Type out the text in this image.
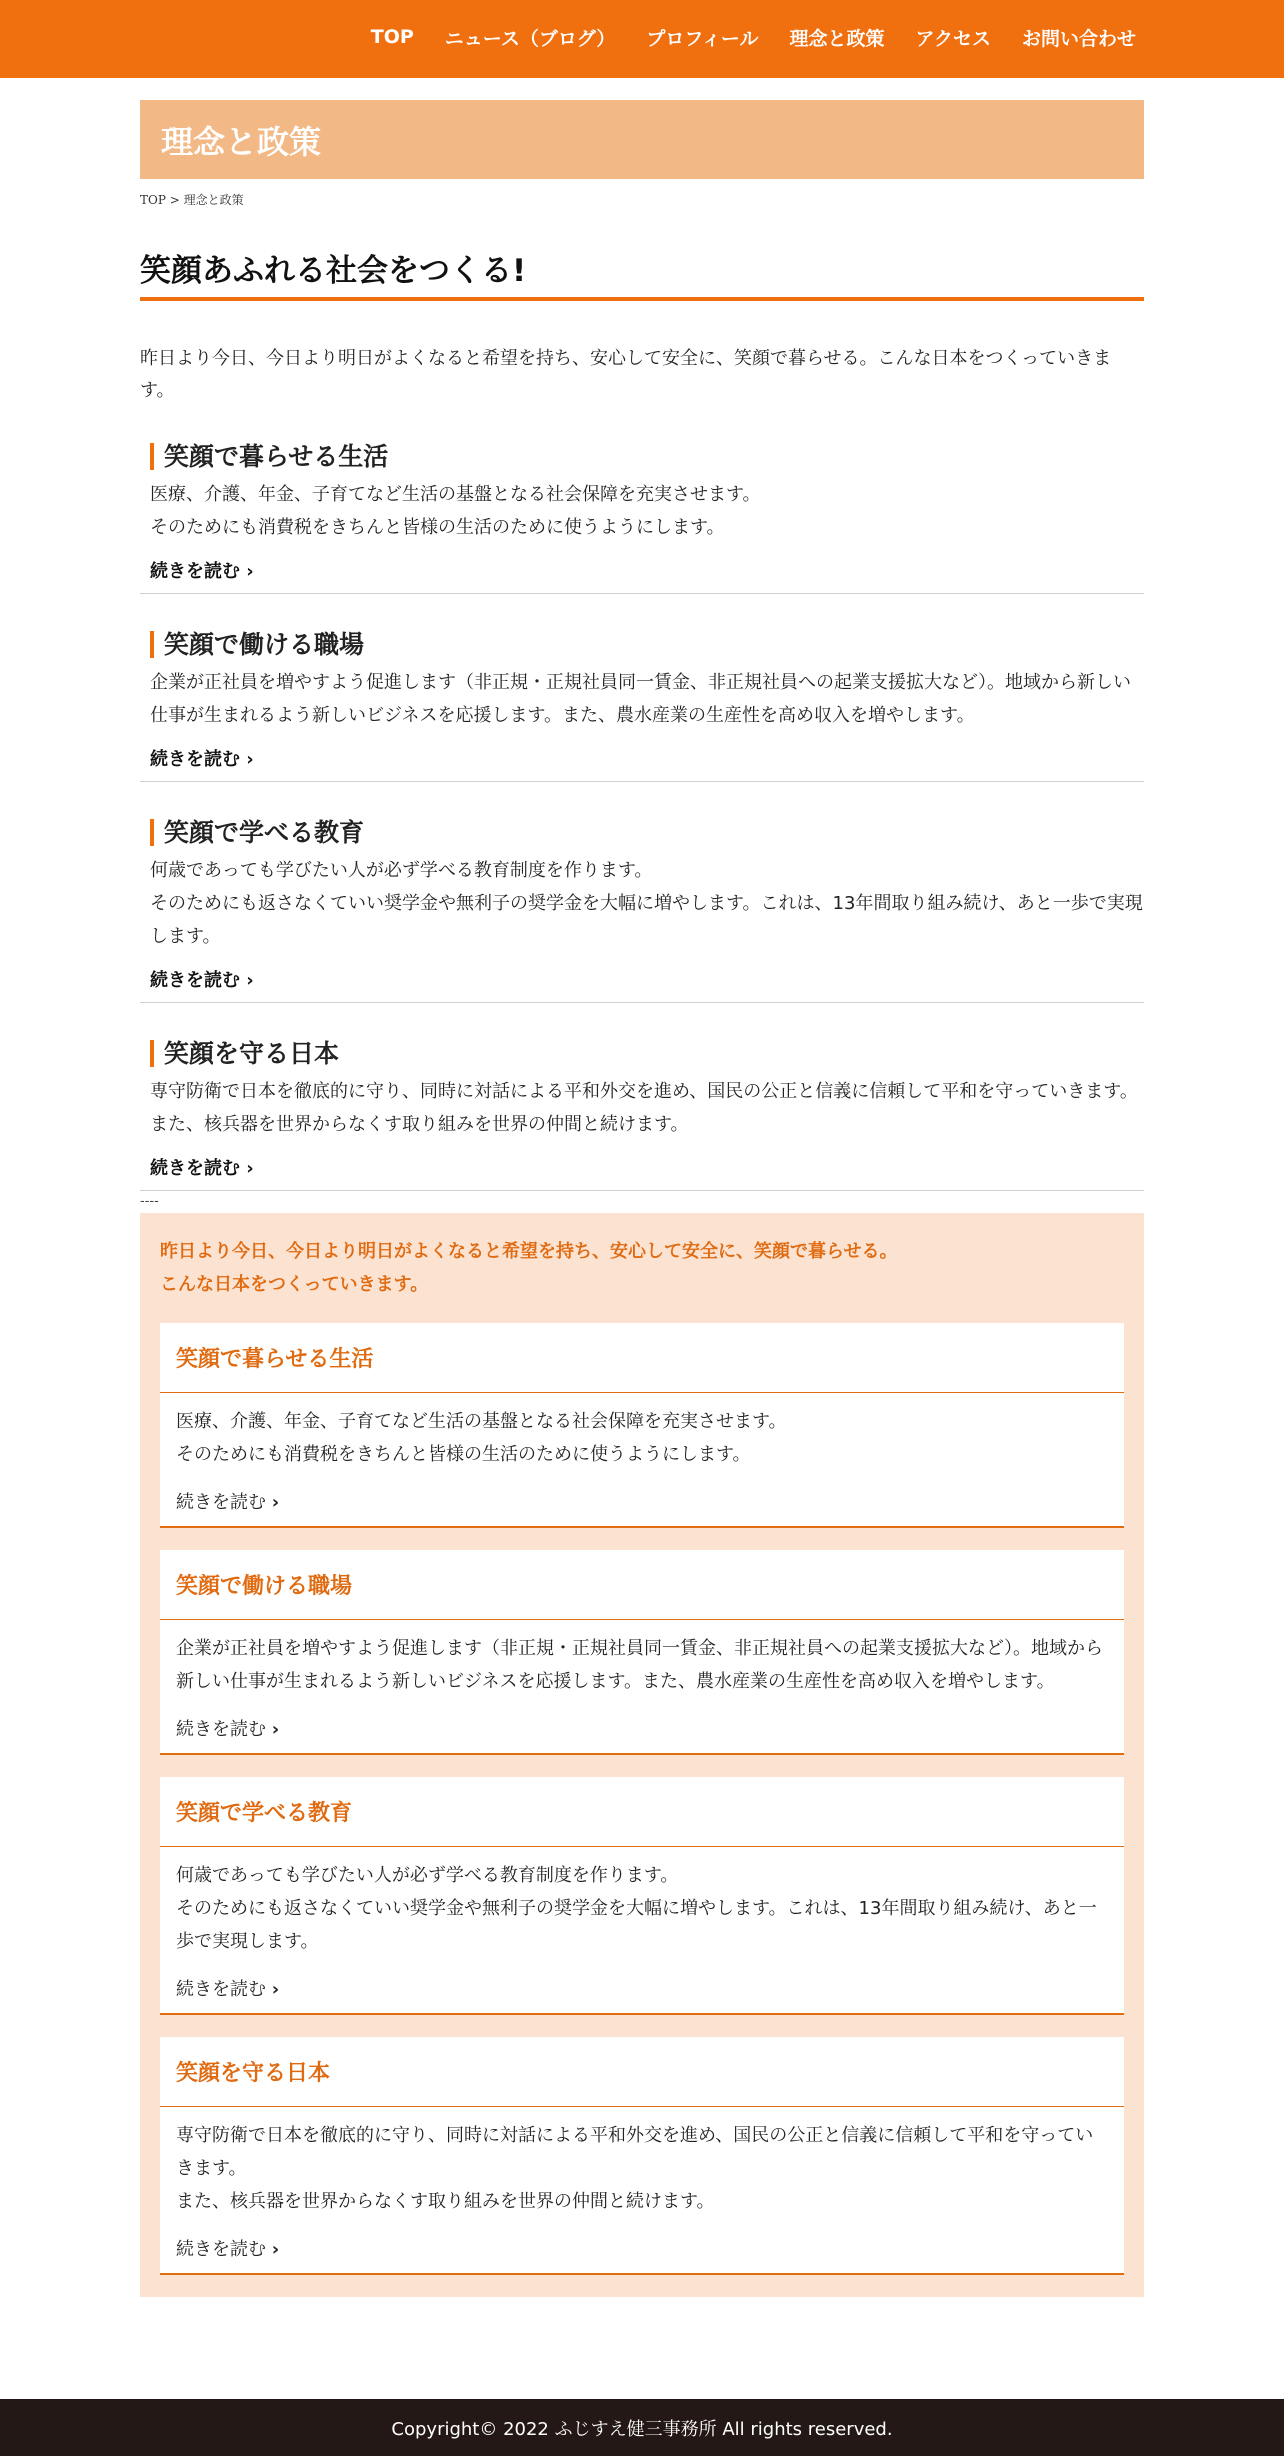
TOP ニュース（ブログ） プロフィール 理念と政策 アクセス お問い合わせ
理念と政策
TOP > 理念と政策
笑顔あふれる社会をつくる!

昨日より今日、今日より明日がよくなると希望を持ち、安心して安全に、笑顔で暮らせる。こんな日本をつくっていきます。

笑顔で暮らせる生活
医療、介護、年金、子育てなど生活の基盤となる社会保障を充実させます。
そのためにも消費税をきちんと皆様の生活のために使うようにします。
続きを読む ›
笑顔で働ける職場
企業が正社員を増やすよう促進します（非正規・正規社員同一賃金、非正規社員への起業支援拡大など）。地域から新しい仕事が生まれるよう新しいビジネスを応援します。また、農水産業の生産性を高め収入を増やします。
続きを読む ›
笑顔で学べる教育
何歳であっても学びたい人が必ず学べる教育制度を作ります。
そのためにも返さなくていい奨学金や無利子の奨学金を大幅に増やします。これは、13年間取り組み続け、あと一歩で実現します。
続きを読む ›
笑顔を守る日本
専守防衛で日本を徹底的に守り、同時に対話による平和外交を進め、国民の公正と信義に信頼して平和を守っていきます。
また、核兵器を世界からなくす取り組みを世界の仲間と続けます。
続きを読む ›
----
昨日より今日、今日より明日がよくなると希望を持ち、安心して安全に、笑顔で暮らせる。
こんな日本をつくっていきます。
笑顔で暮らせる生活
医療、介護、年金、子育てなど生活の基盤となる社会保障を充実させます。
そのためにも消費税をきちんと皆様の生活のために使うようにします。
続きを読む ›
笑顔で働ける職場
企業が正社員を増やすよう促進します（非正規・正規社員同一賃金、非正規社員への起業支援拡大など）。地域から新しい仕事が生まれるよう新しいビジネスを応援します。また、農水産業の生産性を高め収入を増やします。
続きを読む ›
笑顔で学べる教育
何歳であっても学びたい人が必ず学べる教育制度を作ります。
そのためにも返さなくていい奨学金や無利子の奨学金を大幅に増やします。これは、13年間取り組み続け、あと一歩で実現します。
続きを読む ›
笑顔を守る日本
専守防衛で日本を徹底的に守り、同時に対話による平和外交を進め、国民の公正と信義に信頼して平和を守っていきます。
また、核兵器を世界からなくす取り組みを世界の仲間と続けます。
続きを読む ›
Copyright© 2022 ふじすえ健三事務所 All rights reserved.
